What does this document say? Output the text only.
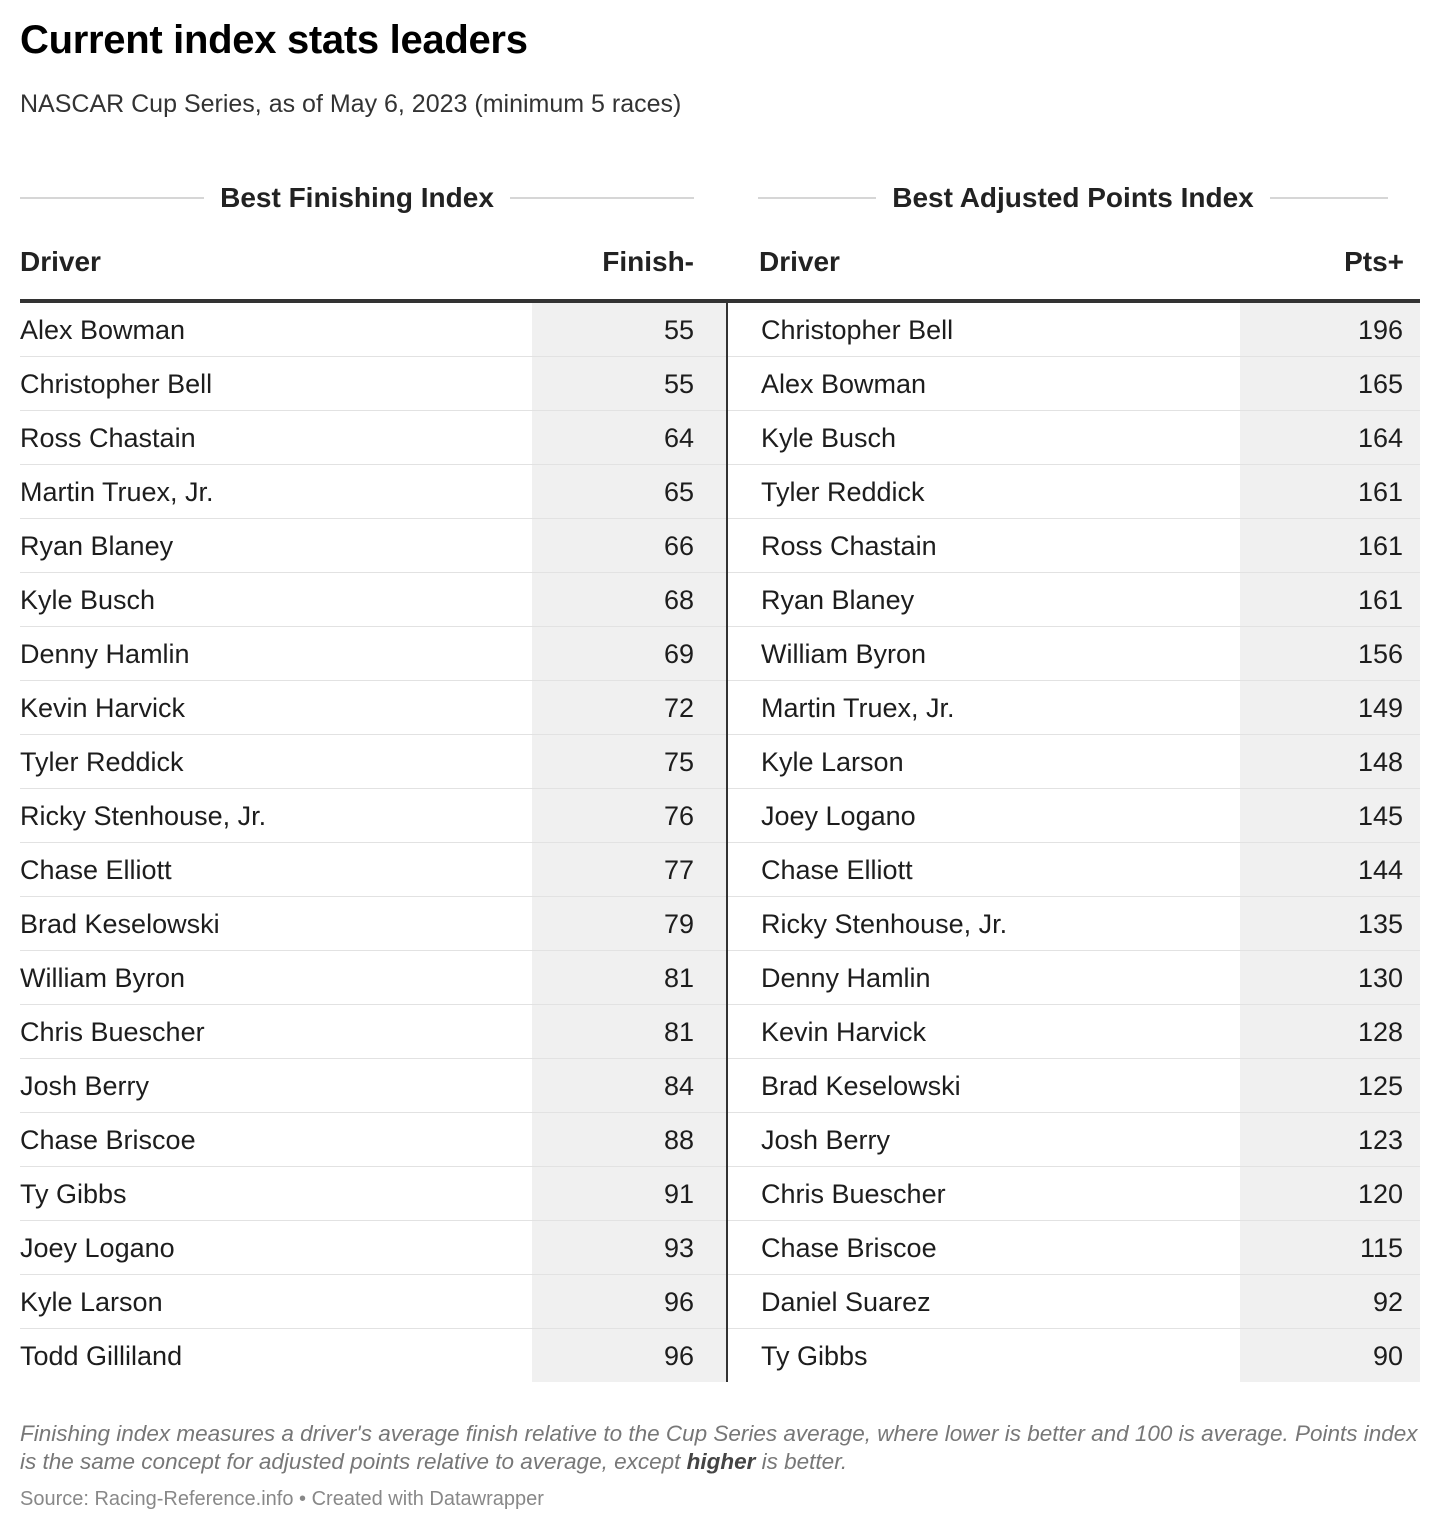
Current index stats leaders
NASCAR Cup Series, as of May 6, 2023 (minimum 5 races)
Best Finishing Index	Best Adjusted Points Index
Driver	Finish- Driver	Pts+
Alex Bowman	55
Christopher Bell	55
Ross Chastain	64
Martin Truex, Jr.	65
Ryan Blaney	66
Kyle Busch	68
Denny Hamlin	69
Kevin Harvick	72
Tyler Reddick	75
Ricky Stenhouse, Jr.	76
Chase Elliott	77
Brad Keselowski	79
William Byron	81
Chris Buescher	81
Josh Berry	84
Chase Briscoe	88
Ty Gibbs	91
Joey Logano	93
Kyle Larson	96
Todd Gilliland	96
Christopher Bell	196
Alex Bowman	165
Kyle Busch	164
Tyler Reddick	161
Ross Chastain	161
Ryan Blaney	161
William Byron	156
Martin Truex, Jr.	149
Kyle Larson	148
Joey Logano	145
Chase Elliott	144
Ricky Stenhouse, Jr.	135
Denny Hamlin	130
Kevin Harvick	128
Brad Keselowski	125
Josh Berry	123
Chris Buescher	120
Chase Briscoe	115
Daniel Suarez	92
Ty Gibbs	90
Finishing index measures a driver's average finish relative to the Cup Series average, where lower is better and 100 is average. Points index is the same concept for adjusted points relative to average, except higher is better.
Source: Racing-Reference.info • Created with Datawrapper
